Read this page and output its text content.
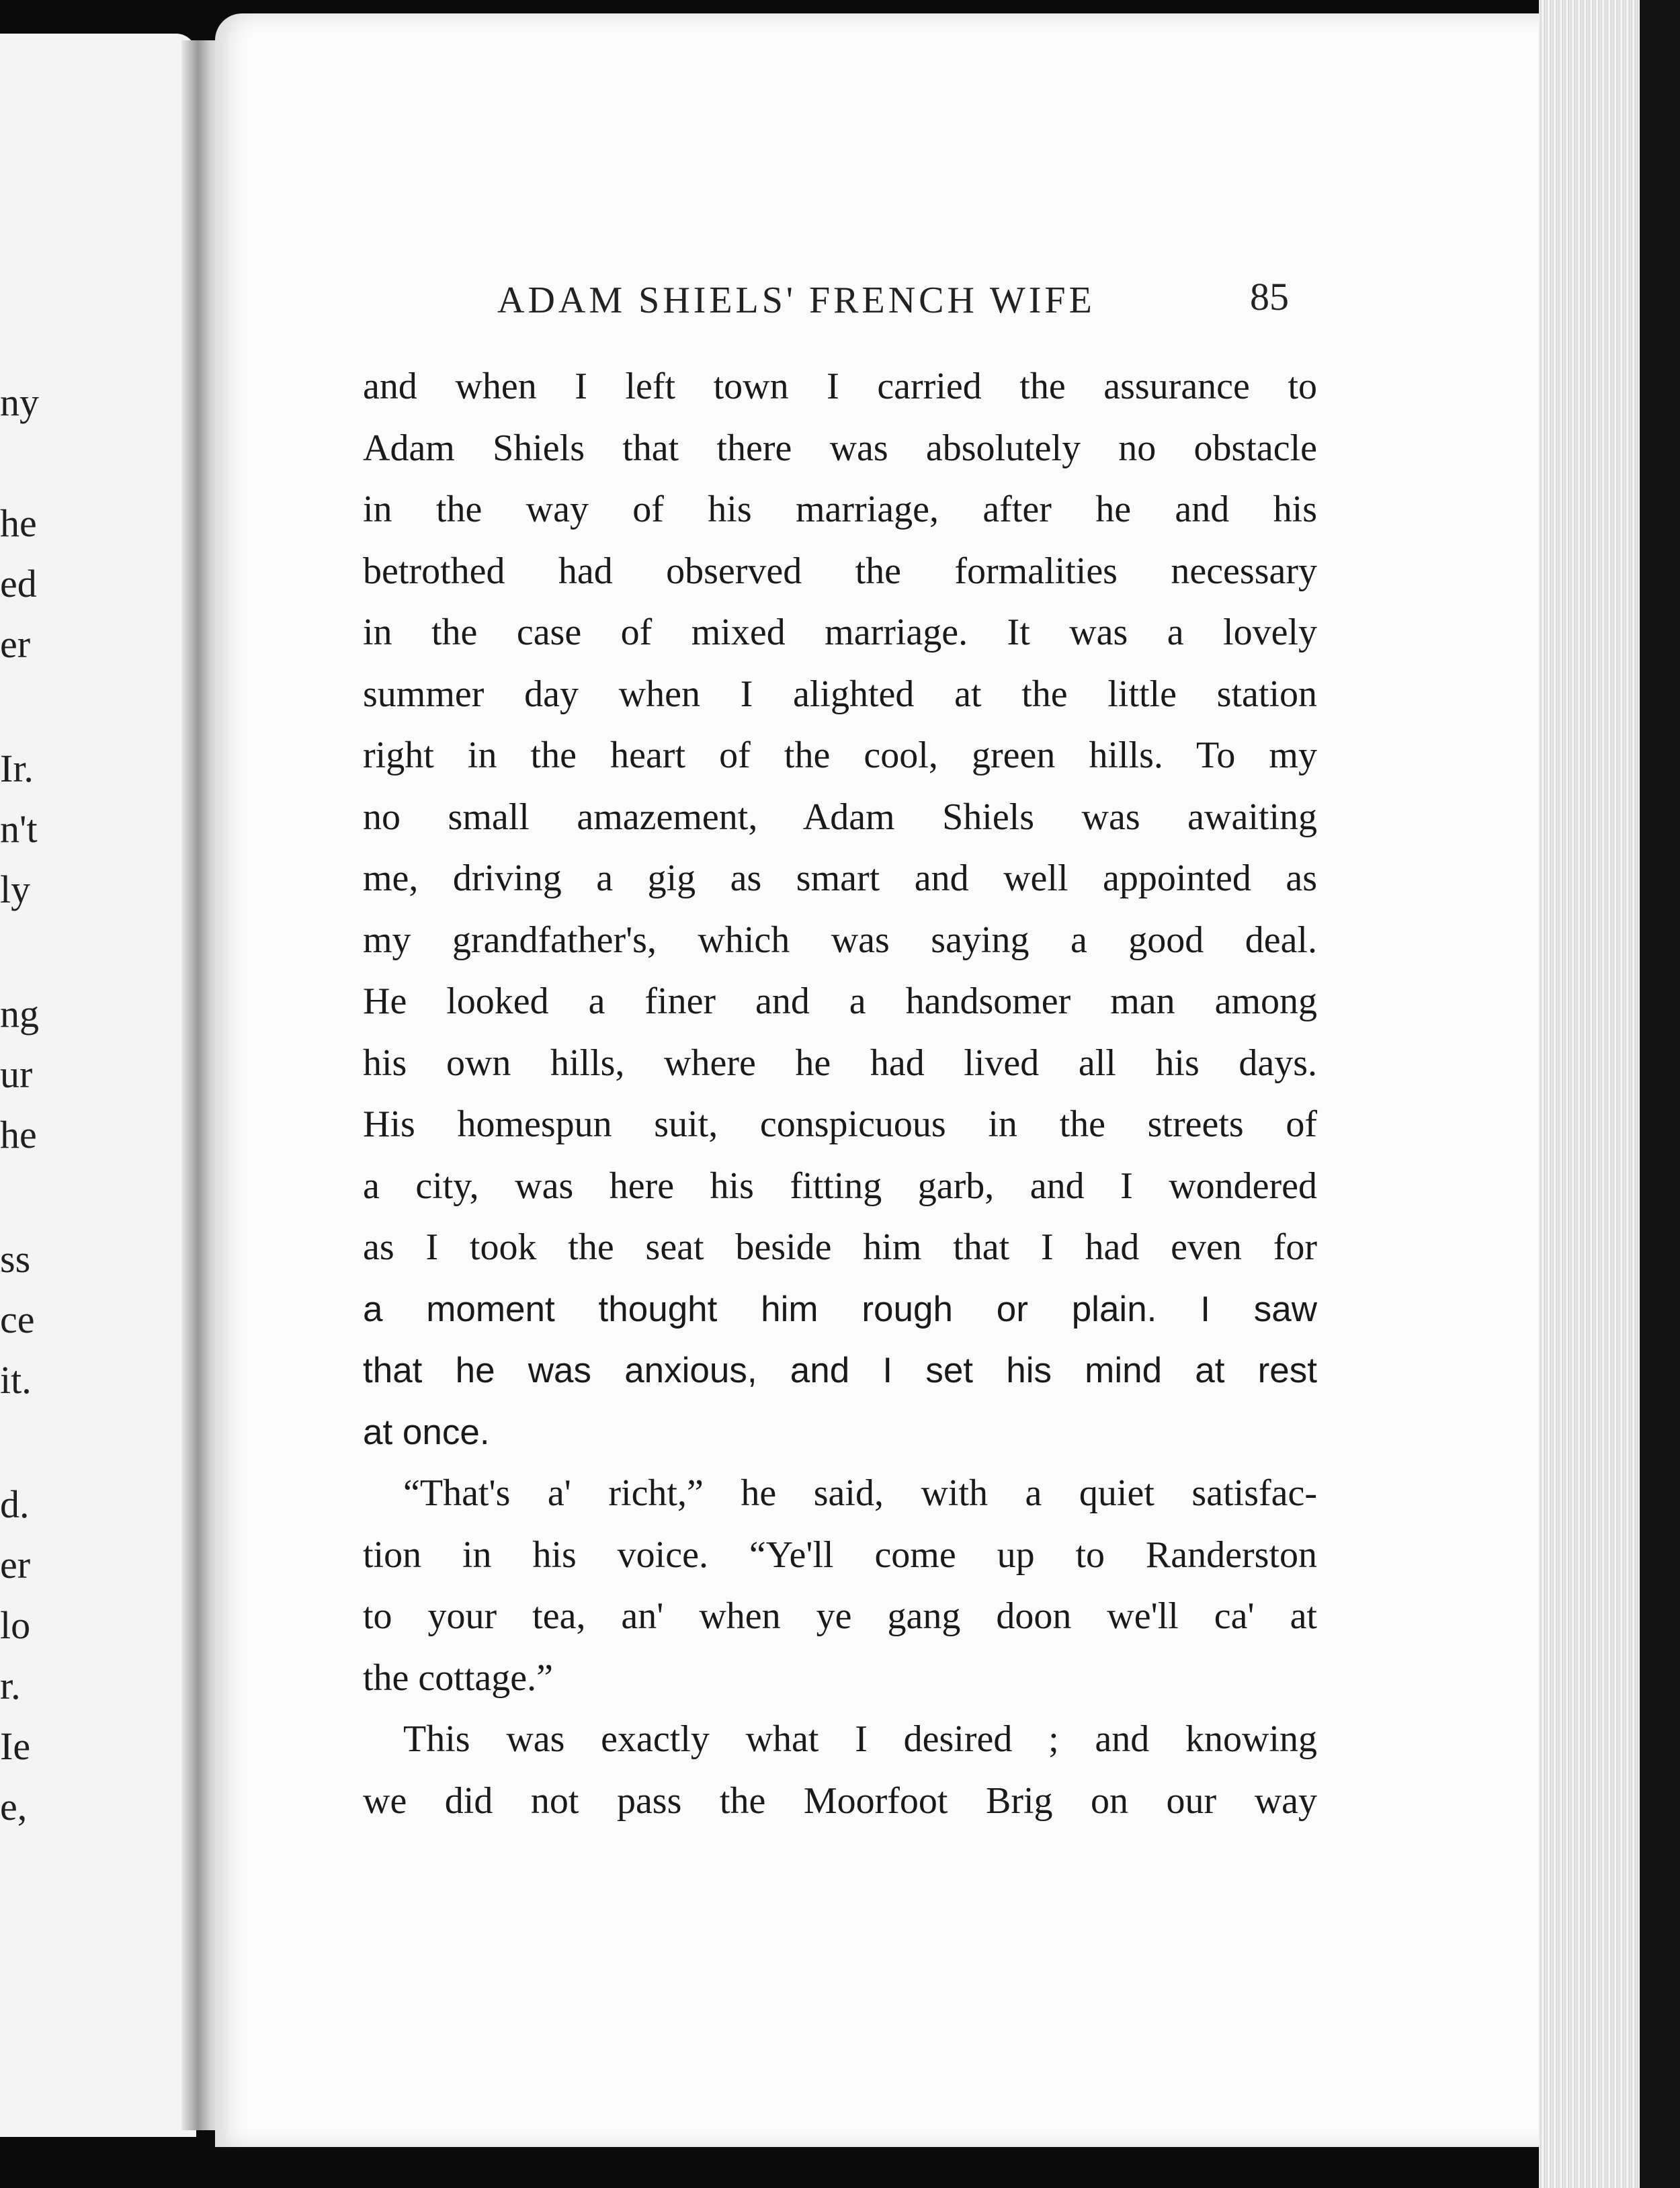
ny
he
ed
er
Ir.
n't
ly
ng
ur
he
ss
ce
it.
d.
er
lo
r.
Ie
e,
ADAM SHIELS' FRENCH WIFE	85
and when I left town I carried the assurance to
Adam Shiels that there was absolutely no obstacle
in the way of his marriage, after he and his
betrothed had observed the formalities necessary
in the case of mixed marriage. It was a lovely
summer day when I alighted at the little station
right in the heart of the cool, green hills. To my
no small amazement, Adam Shiels was awaiting
me, driving a gig as smart and well appointed as
my grandfather's, which was saying a good deal.
He looked a finer and a handsomer man among
his own hills, where he had lived all his days.
His homespun suit, conspicuous in the streets of
a city, was here his fitting garb, and I wondered
as I took the seat beside him that I had even for
a moment thought him rough or plain. I saw
that he was anxious, and I set his mind at rest
at once.
“That's a' richt,” he said, with a quiet satisfac-
tion in his voice. “Ye'll come up to Randerston
to your tea, an' when ye gang doon we'll ca' at
the cottage.”
This was exactly what I desired ; and knowing
we did not pass the Moorfoot Brig on our way
